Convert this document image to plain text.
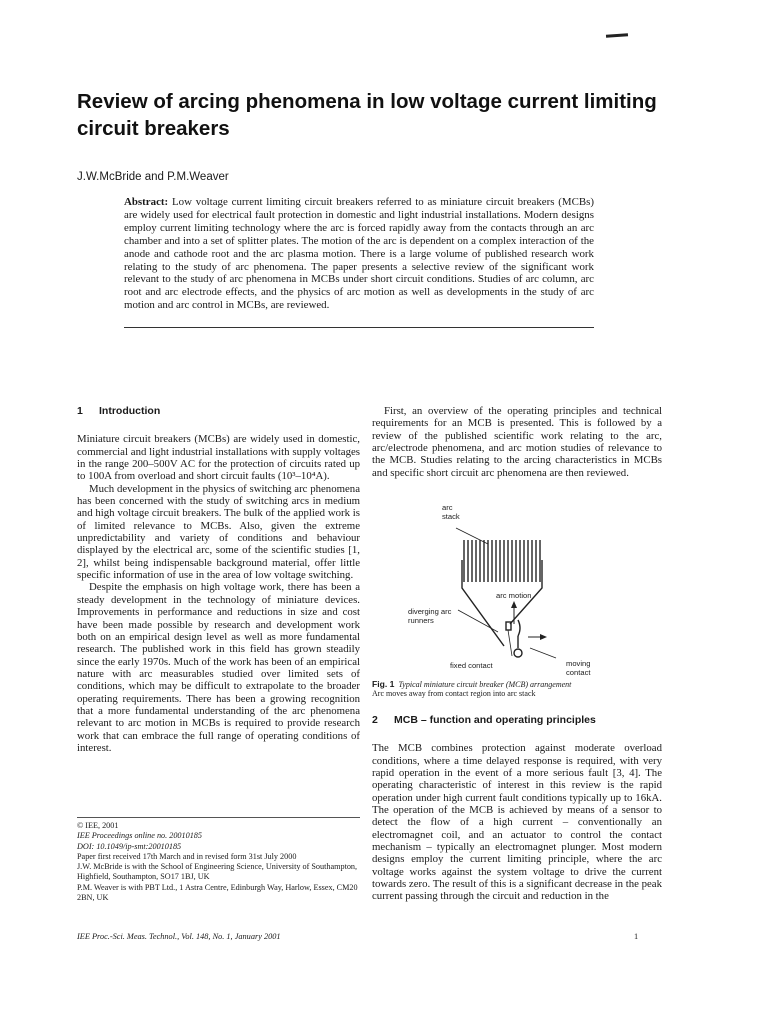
Review of arcing phenomena in low voltage current limiting circuit breakers
J.W.McBride and P.M.Weaver

Abstract: Low voltage current limiting circuit breakers referred to as miniature circuit breakers (MCBs) are widely used for electrical fault protection in domestic and light industrial installations. Modern designs employ current limiting technology where the arc is forced rapidly away from the contacts through an arc chamber and into a set of splitter plates. The motion of the arc is dependent on a complex interaction of the anode and cathode root and the arc plasma motion. There is a large volume of published research work relating to the study of arc phenomena. The paper presents a selective review of the significant work relevant to the study of arc phenomena in MCBs under short circuit conditions. Studies of arc column, arc root and arc electrode effects, and the physics of arc motion as well as developments in the study of arc motion and arc control in MCBs, are reviewed.

1 Introduction

Miniature circuit breakers (MCBs) are widely used in domestic, commercial and light industrial installations with supply voltages in the range 200–500V AC for the protection of circuits rated up to 100A from overload and short circuit faults (10³–10⁴A).

Much development in the physics of switching arc phenomena has been concerned with the study of switching arcs in medium and high voltage circuit breakers. The bulk of the applied work is of limited relevance to MCBs. Also, given the extreme unpredictability and variety of conditions and behaviour displayed by the electrical arc, some of the scientific studies [1, 2], whilst being indispensable background material, offer little specific information of use in the area of low voltage switching.

Despite the emphasis on high voltage work, there has been a steady development in the technology of miniature devices. Improvements in performance and reductions in size and cost have been made possible by research and development work both on an empirical design level as well as more fundamental research. The published work in this field has grown steadily since the early 1970s. Much of the work has been of an empirical nature with arc measurables studied over limited sets of conditions, which may be difficult to extrapolate to the broader operating requirements. There has been a growing recognition that a more fundamental understanding of the arc phenomena relevant to arc motion in MCBs is required to provide research work that can embrace the full range of operating conditions of interest.

© IEE, 2001

IEE Proceedings online no. 20010185

DOI: 10.1049/ip-smt:20010185

Paper first received 17th March and in revised form 31st July 2000

J.W. McBride is with the School of Engineering Science, University of Southampton, Highfield, Southampton, SO17 1BJ, UK

P.M. Weaver is with PBT Ltd., 1 Astra Centre, Edinburgh Way, Harlow, Essex, CM20 2BN, UK

First, an overview of the operating principles and technical requirements for an MCB is presented. This is followed by a review of the published scientific work relating to the arc, arc/electrode phenomena, and arc motion studies of relevance to the MCB. Studies relating to the arcing characteristics in MCBs and specific short circuit arc phenomena are then reviewed.

arc stack
arc motion
diverging arc runners
fixed contact	moving contact
Fig. 1 Typical miniature circuit breaker (MCB) arrangement
Arc moves away from contact region into arc stack
2 MCB – function and operating principles

The MCB combines protection against moderate overload conditions, where a time delayed response is required, with very rapid operation in the event of a more serious fault [3, 4]. The operating characteristic of interest in this review is the rapid operation under high current fault conditions typically up to 16kA. The operation of the MCB is achieved by means of a sensor to detect the flow of a high current – conventionally an electromagnet coil, and an actuator to control the contact mechanism – typically an electromagnet plunger. Most modern designs employ the current limiting principle, where the arc voltage works against the system voltage to drive the current towards zero. The result of this is a significant decrease in the peak current passing through the circuit and reduction in the

IEE Proc.-Sci. Meas. Technol., Vol. 148, No. 1, January 2001	1
